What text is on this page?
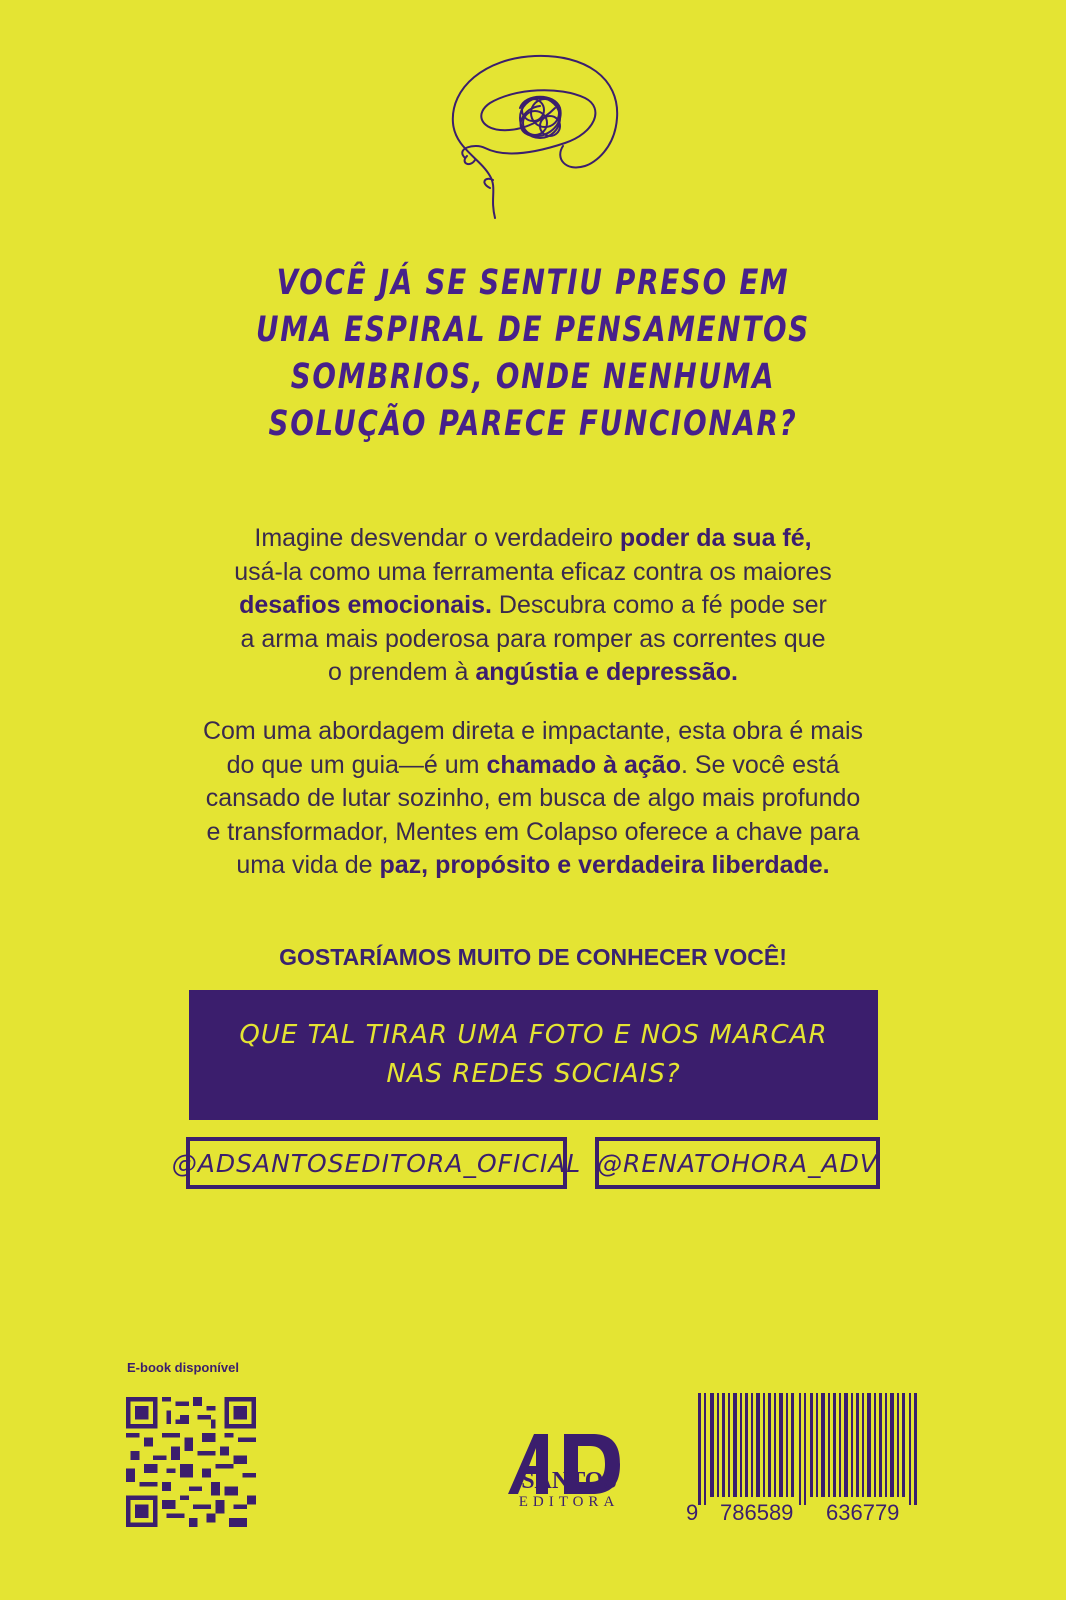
VOCÊ JÁ SE SENTIU PRESO EM
UMA ESPIRAL DE PENSAMENTOS
SOMBRIOS, ONDE NENHUMA
SOLUÇÃO PARECE FUNCIONAR?
Imagine desvendar o verdadeiro poder da sua fé,
usá-la como uma ferramenta eficaz contra os maiores
desafios emocionais. Descubra como a fé pode ser
a arma mais poderosa para romper as correntes que
o prendem à angústia e depressão.
Com uma abordagem direta e impactante, esta obra é mais
do que um guia—é um chamado à ação. Se você está
cansado de lutar sozinho, em busca de algo mais profundo
e transformador, Mentes em Colapso oferece a chave para
uma vida de paz, propósito e verdadeira liberdade.
GOSTARÍAMOS MUITO DE CONHECER VOCÊ!
QUE TAL TIRAR UMA FOTO E NOS MARCAR
NAS REDES SOCIAIS?
@ADSANTOSEDITORA_OFICIAL @RENATOHORA_ADV
E-book disponível
SANTOS
EDITORA	9 786589 636779
